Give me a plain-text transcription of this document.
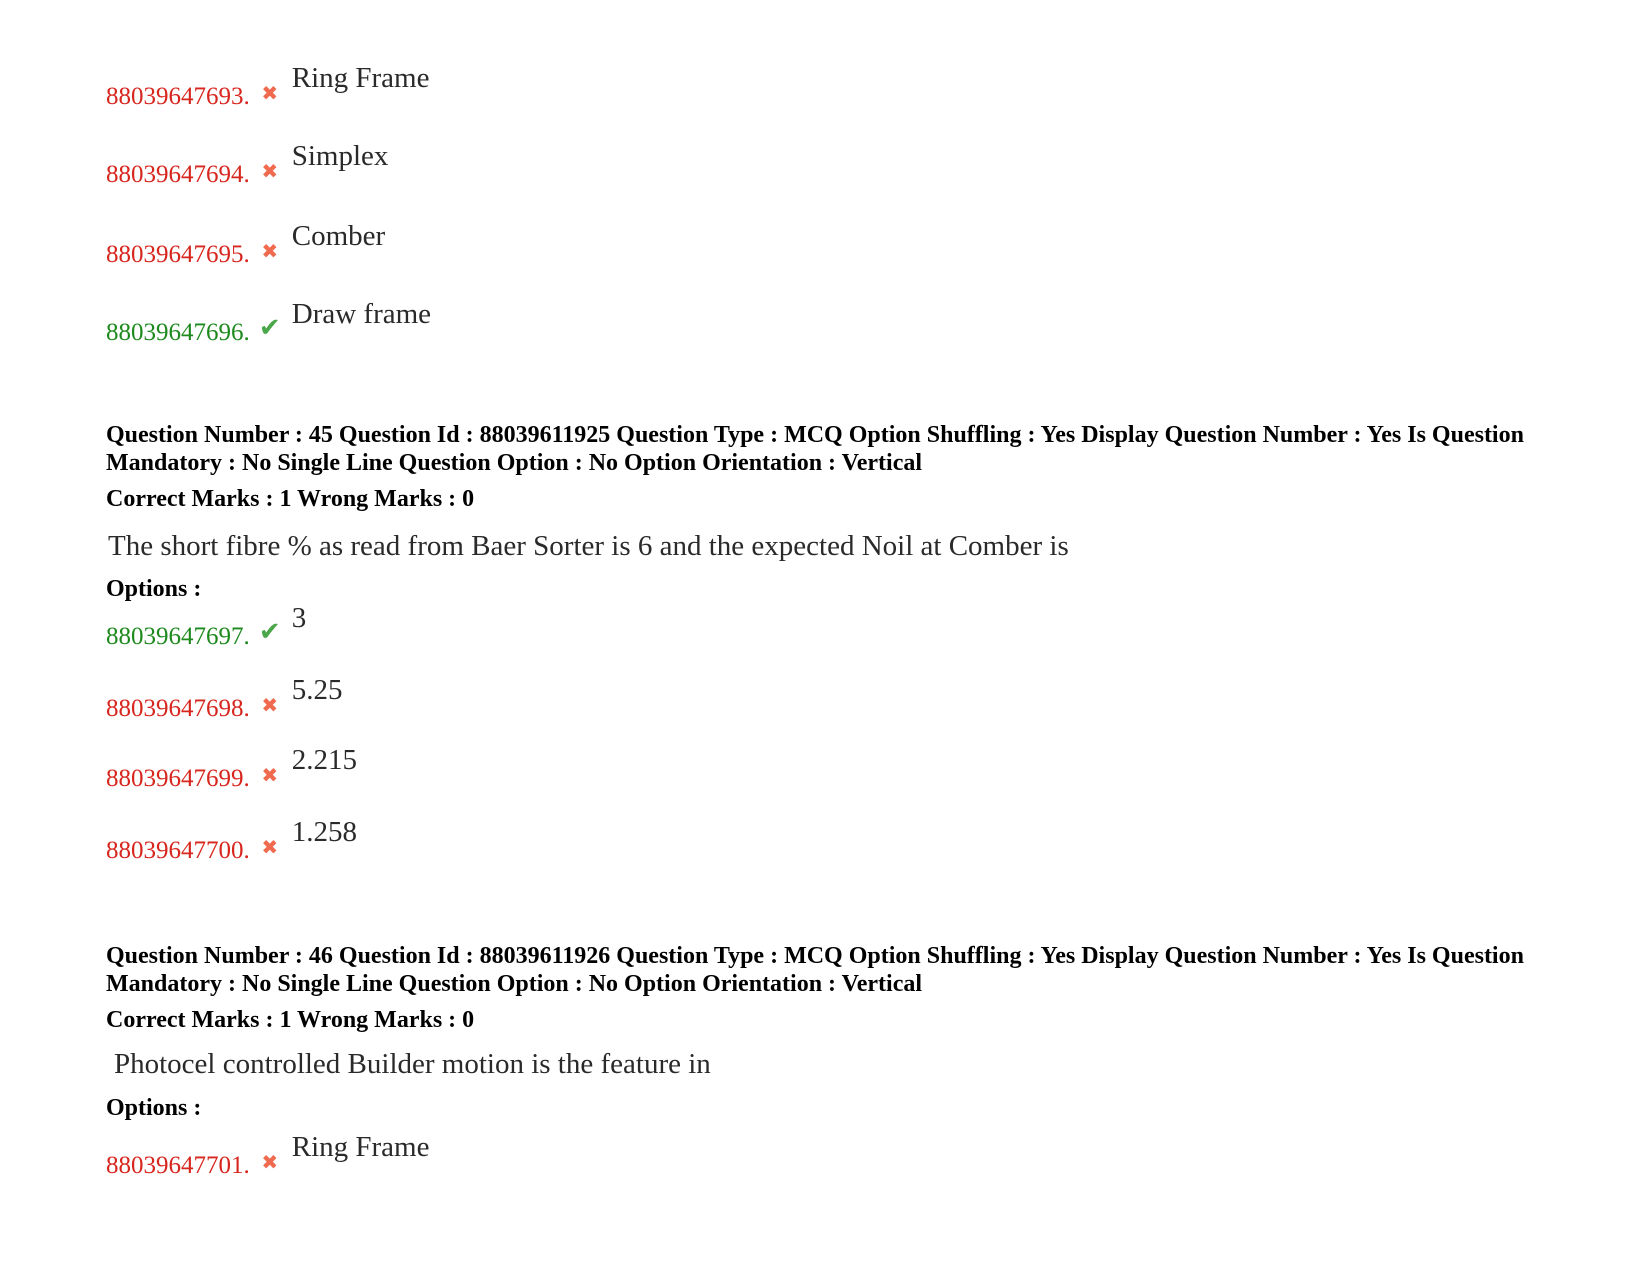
88039647693. ✖ Ring Frame
88039647694. ✖ Simplex
88039647695. ✖ Comber
88039647696. ✔ Draw frame

Question Number : 45 Question Id : 88039611925 Question Type : MCQ Option Shuffling : Yes Display Question Number : Yes Is Question Mandatory : No Single Line Question Option : No Option Orientation : Vertical

Correct Marks : 1 Wrong Marks : 0
The short fibre % as read from Baer Sorter is 6 and the expected Noil at Comber is
Options :
88039647697. ✔ 3
88039647698. ✖ 5.25
88039647699. ✖ 2.215
88039647700. ✖ 1.258

Question Number : 46 Question Id : 88039611926 Question Type : MCQ Option Shuffling : Yes Display Question Number : Yes Is Question Mandatory : No Single Line Question Option : No Option Orientation : Vertical

Correct Marks : 1 Wrong Marks : 0
Photocel controlled Builder motion is the feature in
Options :
88039647701. ✖ Ring Frame
